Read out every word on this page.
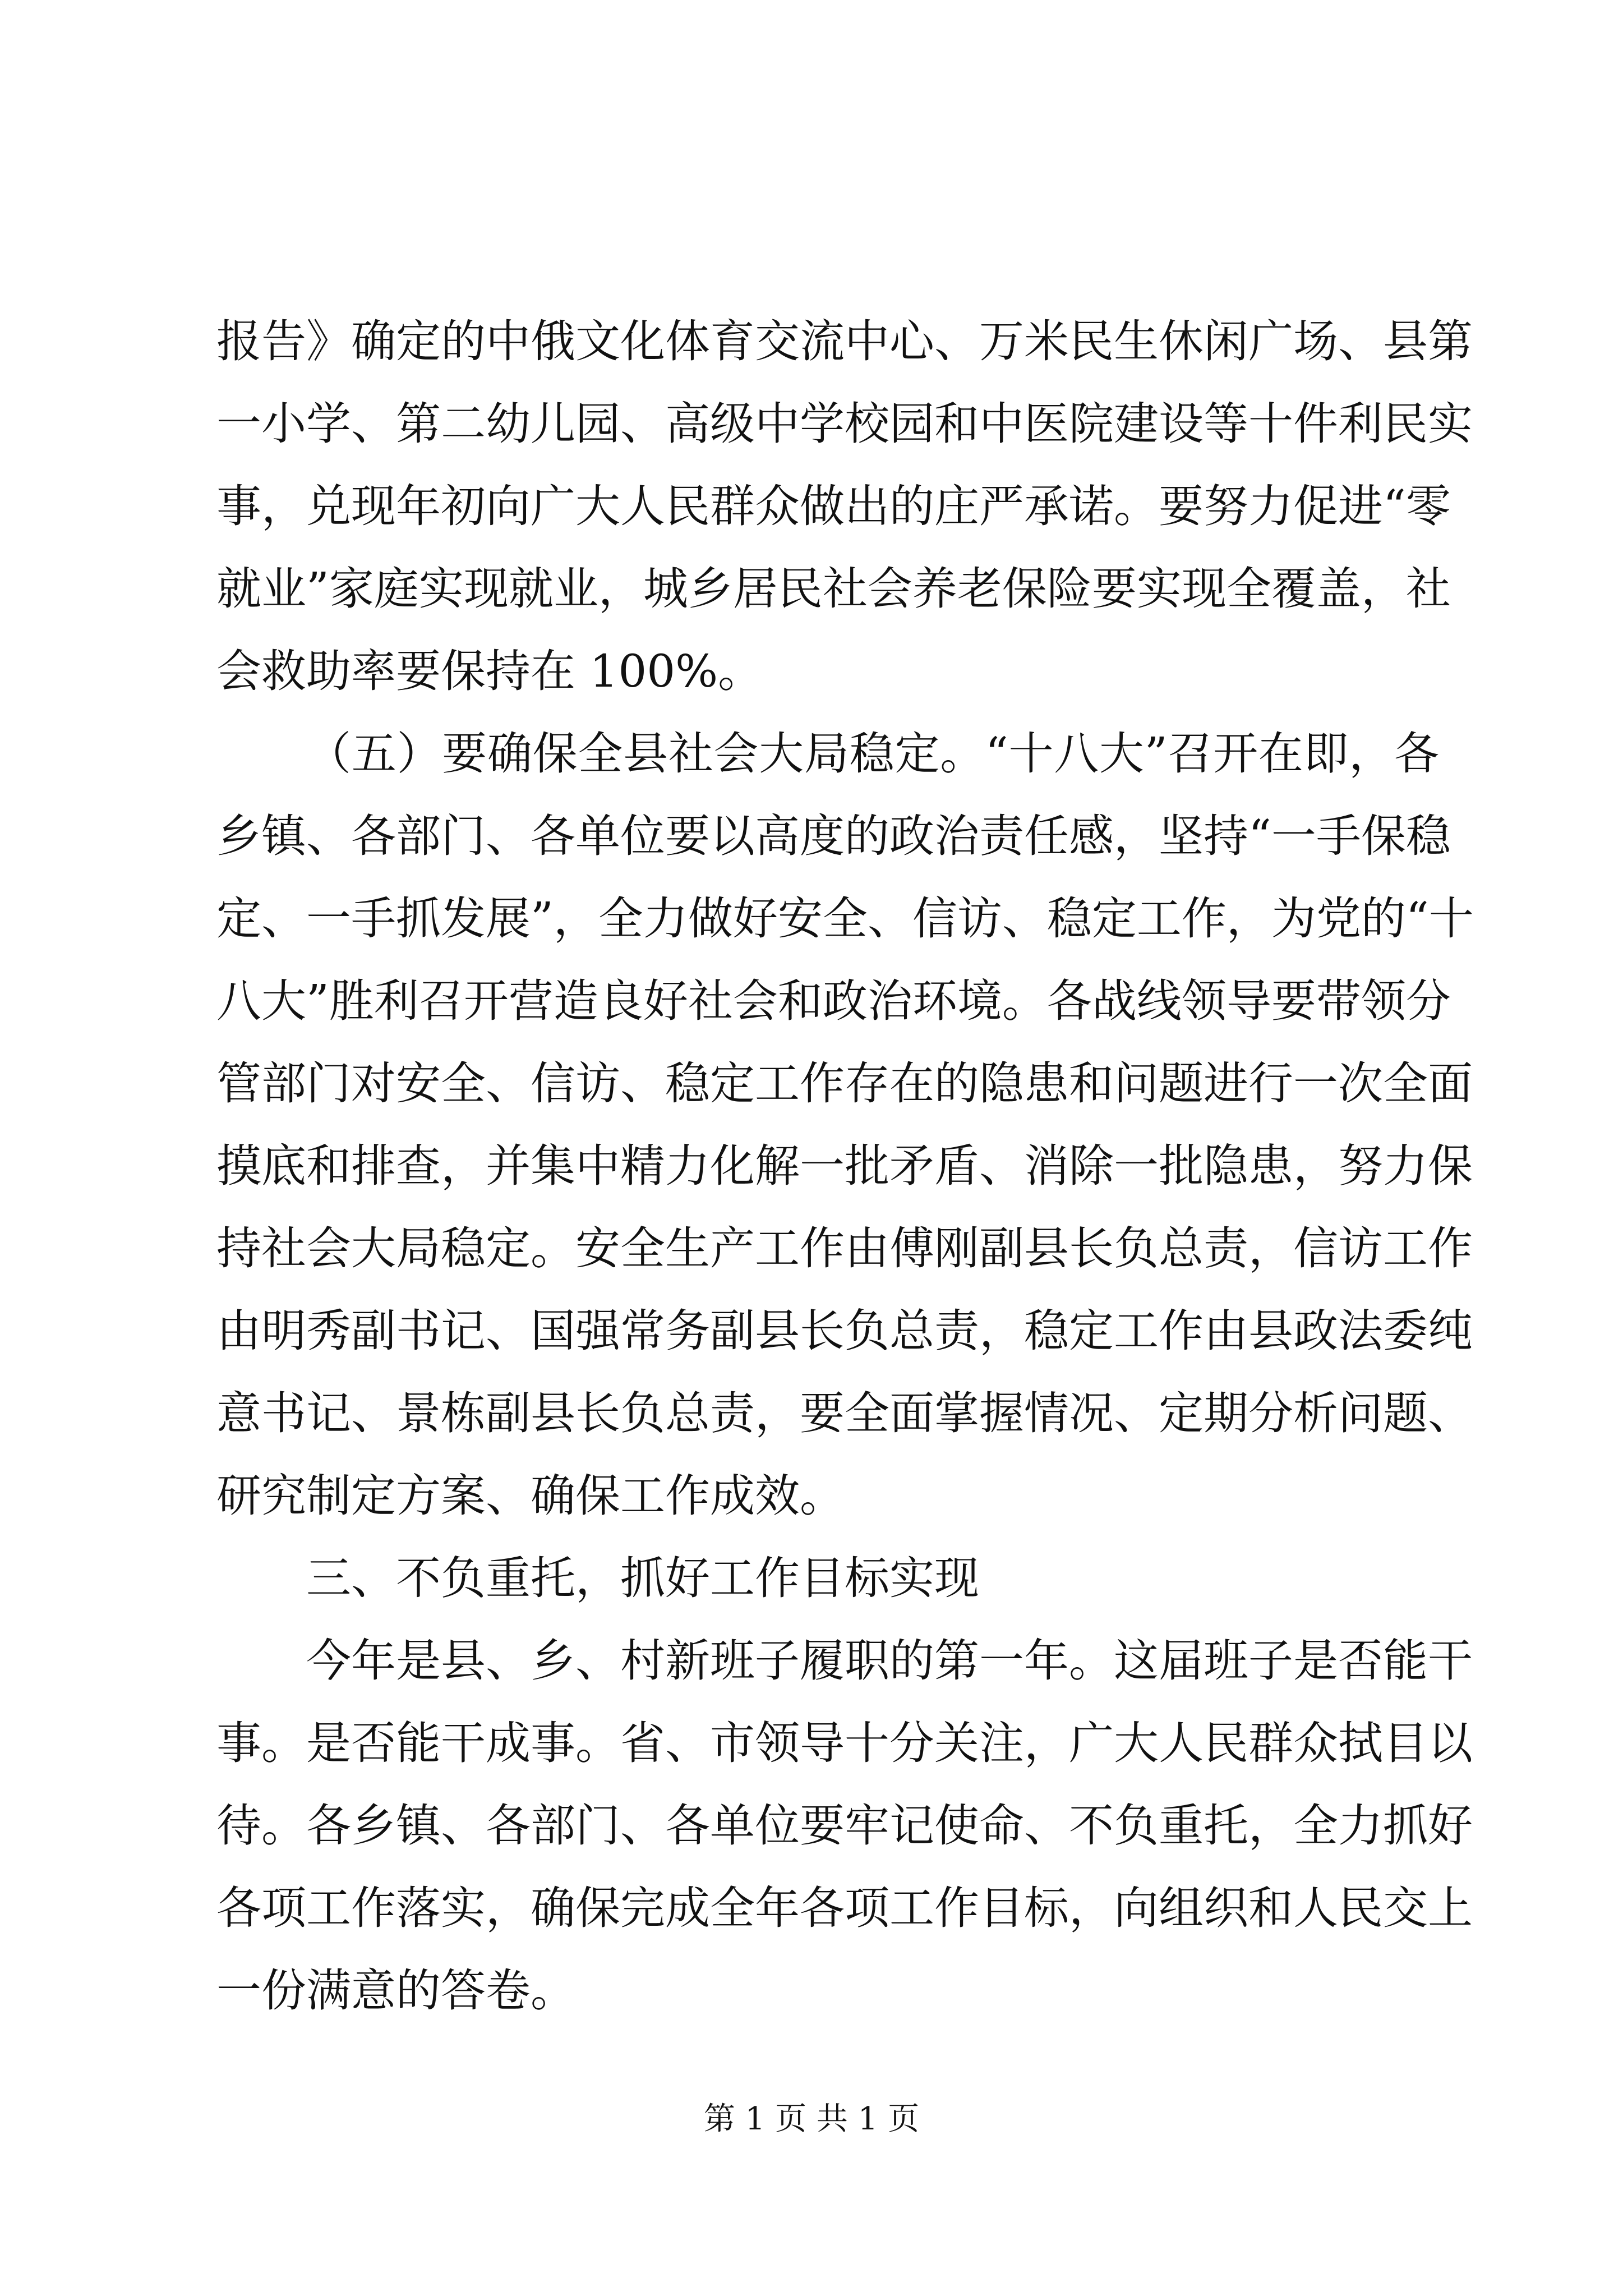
报告》确定的中俄文化体育交流中心、万米民生休闲广场、县第
一小学、第二幼儿园、高级中学校园和中医院建设等十件利民实
事，兑现年初向广大人民群众做出的庄严承诺。要努力促进“零
就业”家庭实现就业，城乡居民社会养老保险要实现全覆盖，社
会救助率要保持在 100%。
（五）要确保全县社会大局稳定。“十八大”召开在即，各
乡镇、各部门、各单位要以高度的政治责任感，坚持“一手保稳
定、一手抓发展”，全力做好安全、信访、稳定工作，为党的“十
八大”胜利召开营造良好社会和政治环境。各战线领导要带领分
管部门对安全、信访、稳定工作存在的隐患和问题进行一次全面
摸底和排查，并集中精力化解一批矛盾、消除一批隐患，努力保
持社会大局稳定。安全生产工作由傅刚副县长负总责，信访工作
由明秀副书记、国强常务副县长负总责，稳定工作由县政法委纯
意书记、景栋副县长负总责，要全面掌握情况、定期分析问题、
研究制定方案、确保工作成效。
三、不负重托，抓好工作目标实现
今年是县、乡、村新班子履职的第一年。这届班子是否能干
事。是否能干成事。省、市领导十分关注，广大人民群众拭目以
待。各乡镇、各部门、各单位要牢记使命、不负重托，全力抓好
各项工作落实，确保完成全年各项工作目标，向组织和人民交上
一份满意的答卷。
第 1 页 共 1 页
